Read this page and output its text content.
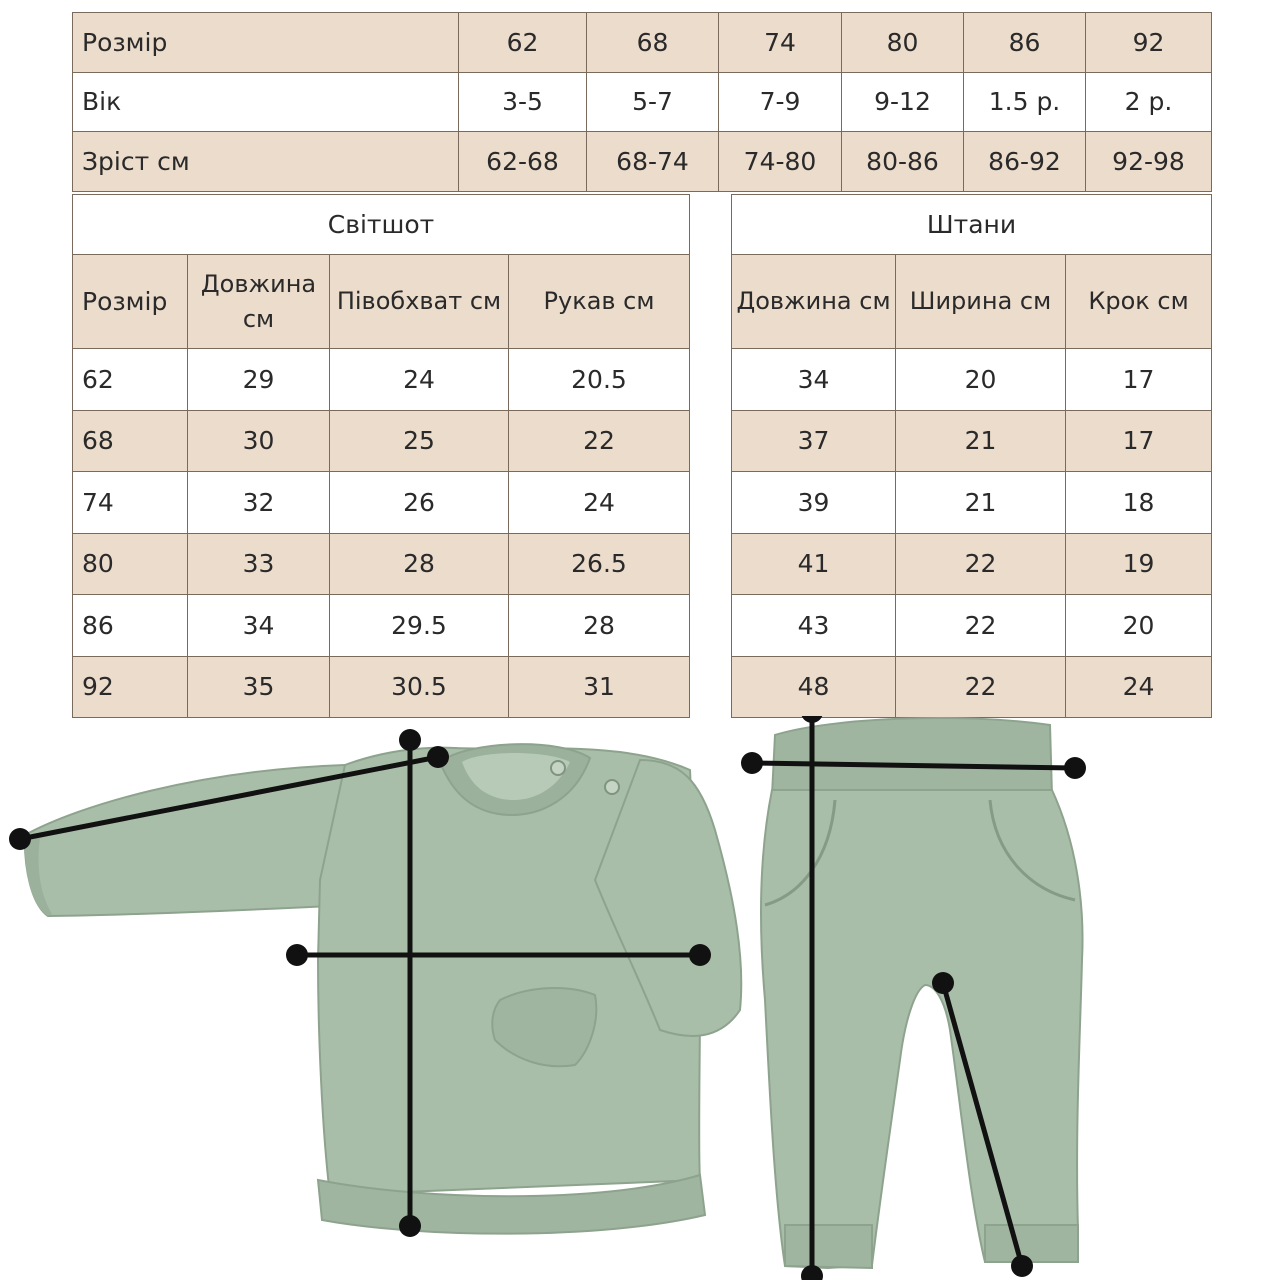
Розмір	62	68	74	80	86	92
Вік	3-5	5-7	7-9	9-12	1.5 р.	2 р.
Зріст см	62-68	68-74	74-80	80-86	86-92	92-98
Світшот			
Розмір	Довжина см	Півобхват см	Рукав см
62	29	24	20.5
68	30	25	22
74	32	26	24
80	33	28	26.5
86	34	29.5	28
92	35	30.5	31
Штани		
Довжина см	Ширина см	Крок см
34	20	17
37	21	17
39	21	18
41	22	19
43	22	20
48	22	24
